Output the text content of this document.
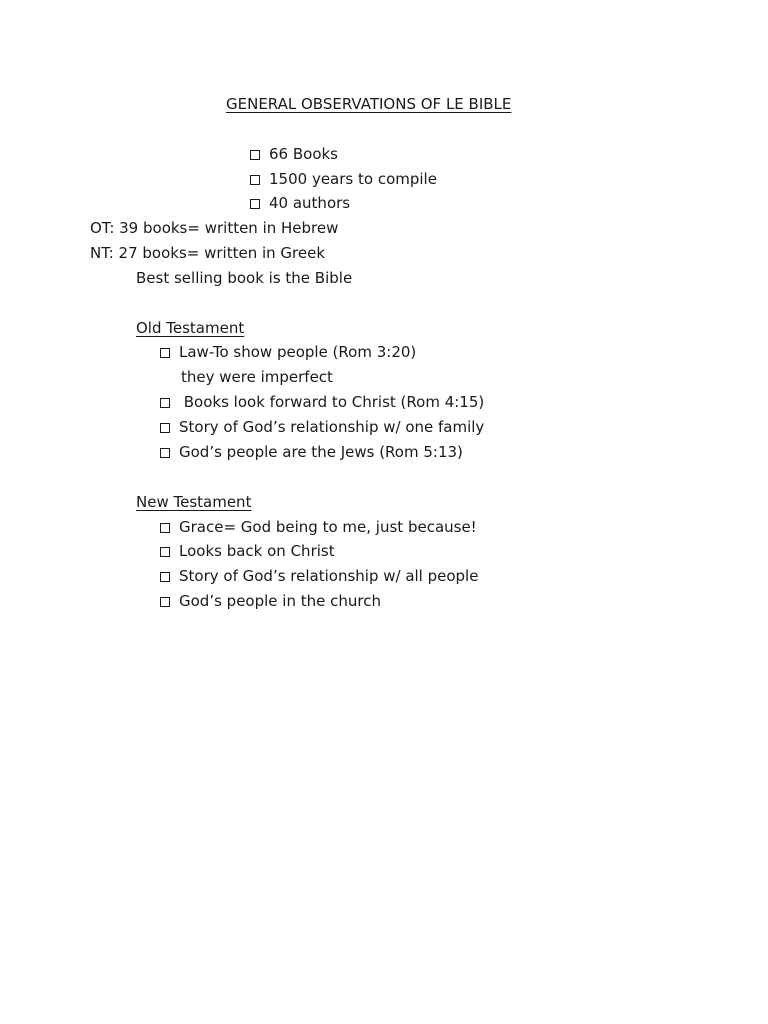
GENERAL OBSERVATIONS OF LE BIBLE
66 Books
1500 years to compile
40 authors
OT: 39 books= written in Hebrew
NT: 27 books= written in Greek
Best selling book is the Bible
Old Testament
Law-To show people (Rom 3:20)
they were imperfect
Books look forward to Christ (Rom 4:15)
Story of God’s relationship w/ one family
God’s people are the Jews (Rom 5:13)
New Testament
Grace= God being to me, just because!
Looks back on Christ
Story of God’s relationship w/ all people
God’s people in the church
